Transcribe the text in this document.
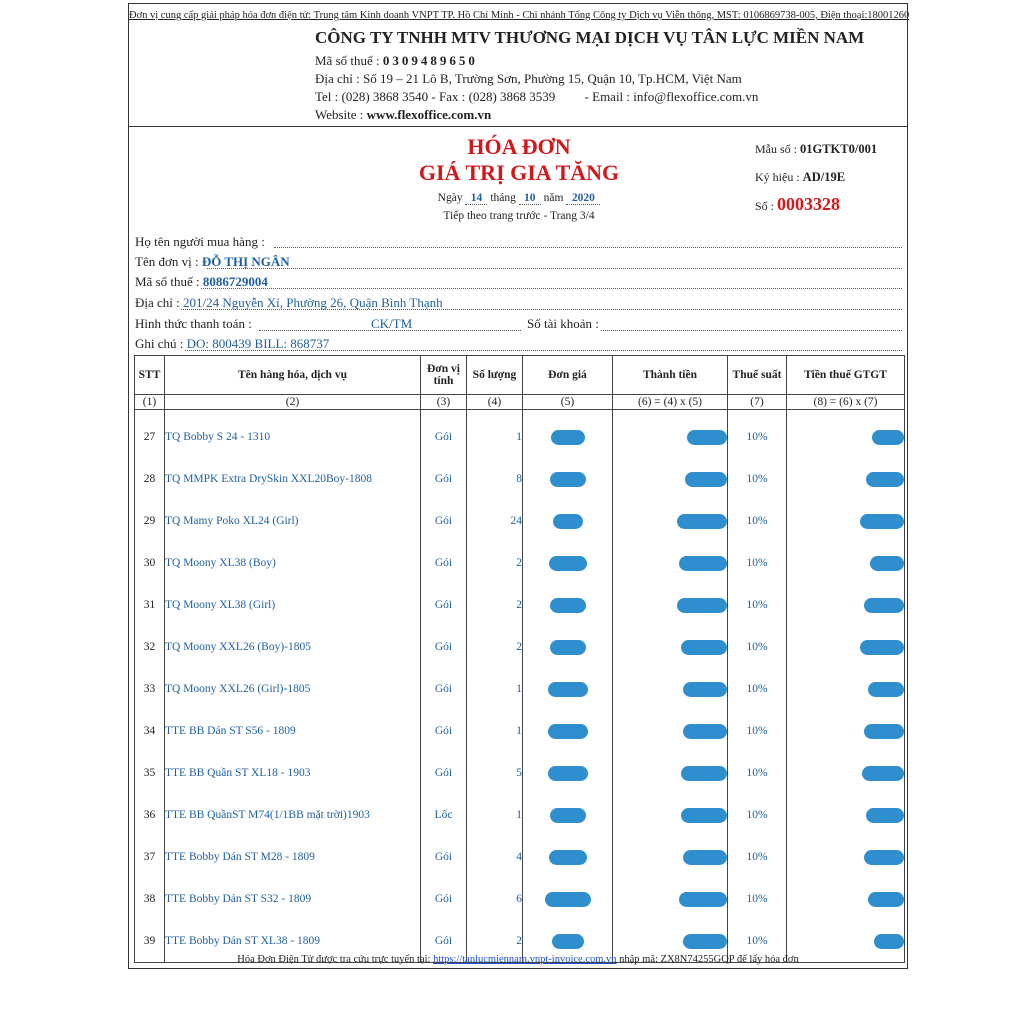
Đơn vị cung cấp giải pháp hóa đơn điện tử: Trung tâm Kinh doanh VNPT TP. Hồ Chí Minh - Chi nhánh Tổng Công ty Dịch vụ Viễn thông, MST: 0106869738-005, Điện thoại:18001260
CÔNG TY TNHH MTV THƯƠNG MẠI DỊCH VỤ TÂN LỰC MIỀN NAM
Mã số thuế : 0309489650
Địa chỉ : Số 19 – 21 Lô B, Trường Sơn, Phường 15, Quận 10, Tp.HCM, Việt Nam
Tel : (028) 3868 3540 - Fax : (028) 3868 3539 - Email : info@flexoffice.com.vn
Website : www.flexoffice.com.vn
HÓA ĐƠN
GIÁ TRỊ GIA TĂNG
Ngày 14 tháng 10 năm 2020
Tiếp theo trang trước - Trang 3/4
Mẫu số : 01GTKT0/001
Ký hiệu : AD/19E
Số : 0003328
Họ tên người mua hàng :
Tên đơn vị : ĐỖ THỊ NGÂN
Mã số thuế : 8086729004
Địa chỉ : 201/24 Nguyễn Xí, Phường 26, Quận Bình Thạnh
Hình thức thanh toán :	CK/TM	Số tài khoản :
Ghi chú : DO: 800439 BILL: 868737
STT	Tên hàng hóa, dịch vụ	Đơn vị tính	Số lượng	Đơn giá	Thành tiền	Thuế suất	Tiền thuế GTGT
(1)	(2)	(3)	(4)	(5)	(6) = (4) x (5)	(7)	(8) = (6) x (7)

27	TQ Bobby S 24 - 1310	Gói	1			10%	
28	TQ MMPK Extra DrySkin XXL20Boy-1808	Gói	8			10%	
29	TQ Mamy Poko XL24 (Girl)	Gói	24			10%	
30	TQ Moony XL38 (Boy)	Gói	2			10%	
31	TQ Moony XL38 (Girl)	Gói	2			10%	
32	TQ Moony XXL26 (Boy)-1805	Gói	2			10%	
33	TQ Moony XXL26 (Girl)-1805	Gói	1			10%	
34	TTE BB Dán ST S56 - 1809	Gói	1			10%	
35	TTE BB Quần ST XL18 - 1903	Gói	5			10%	
36	TTE BB QuầnST M74(1/1BB mặt trời)1903	Lốc	1			10%	
37	TTE Bobby Dán ST M28 - 1809	Gói	4			10%	
38	TTE Bobby Dán ST S32 - 1809	Gói	6			10%	
39	TTE Bobby Dán ST XL38 - 1809	Gói	2			10%	
Hóa Đơn Điện Tử được tra cứu trực tuyến tại: https://tanlucmiennam.vnpt-invoice.com.vn nhập mã: ZX8N74255GQP để lấy hóa đơn
